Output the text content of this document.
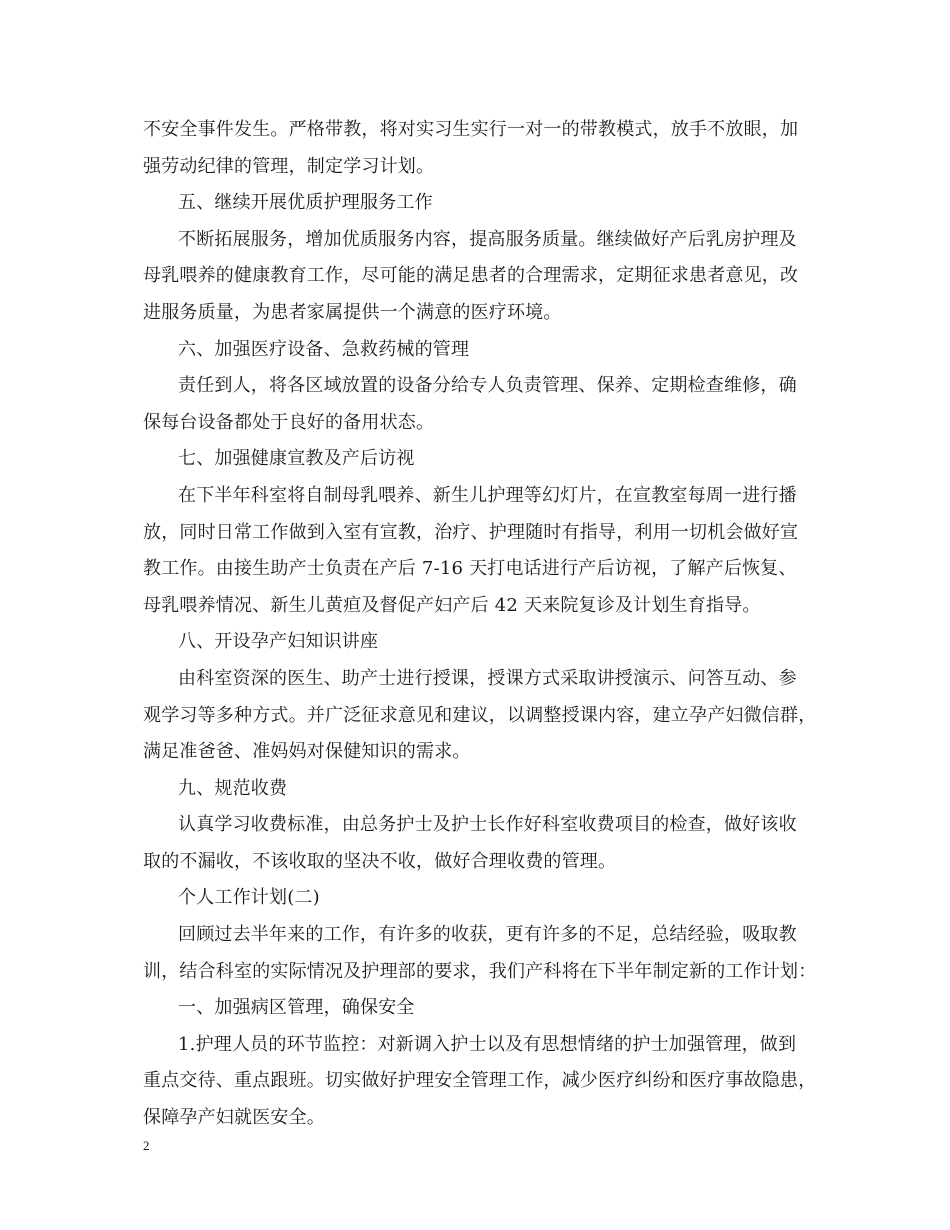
不安全事件发生。严格带教，将对实习生实行一对一的带教模式，放手不放眼，加
强劳动纪律的管理，制定学习计划。
五、继续开展优质护理服务工作
不断拓展服务，增加优质服务内容，提高服务质量。继续做好产后乳房护理及
母乳喂养的健康教育工作，尽可能的满足患者的合理需求，定期征求患者意见，改
进服务质量，为患者家属提供一个满意的医疗环境。
六、加强医疗设备、急救药械的管理
责任到人，将各区域放置的设备分给专人负责管理、保养、定期检查维修，确
保每台设备都处于良好的备用状态。
七、加强健康宣教及产后访视
在下半年科室将自制母乳喂养、新生儿护理等幻灯片，在宣教室每周一进行播
放，同时日常工作做到入室有宣教，治疗、护理随时有指导，利用一切机会做好宣
教工作。由接生助产士负责在产后 7-16 天打电话进行产后访视，了解产后恢复、
母乳喂养情况、新生儿黄疸及督促产妇产后 42 天来院复诊及计划生育指导。
八、开设孕产妇知识讲座
由科室资深的医生、助产士进行授课，授课方式采取讲授演示、问答互动、参
观学习等多种方式。并广泛征求意见和建议，以调整授课内容，建立孕产妇微信群，
满足准爸爸、准妈妈对保健知识的需求。
九、规范收费
认真学习收费标准，由总务护士及护士长作好科室收费项目的检查，做好该收
取的不漏收，不该收取的坚决不收，做好合理收费的管理。
个人工作计划(二)
回顾过去半年来的工作，有许多的收获，更有许多的不足，总结经验，吸取教
训，结合科室的实际情况及护理部的要求，我们产科将在下半年制定新的工作计划：
一、加强病区管理，确保安全
1.护理人员的环节监控：对新调入护士以及有思想情绪的护士加强管理，做到
重点交待、重点跟班。切实做好护理安全管理工作，减少医疗纠纷和医疗事故隐患，
保障孕产妇就医安全。
2
